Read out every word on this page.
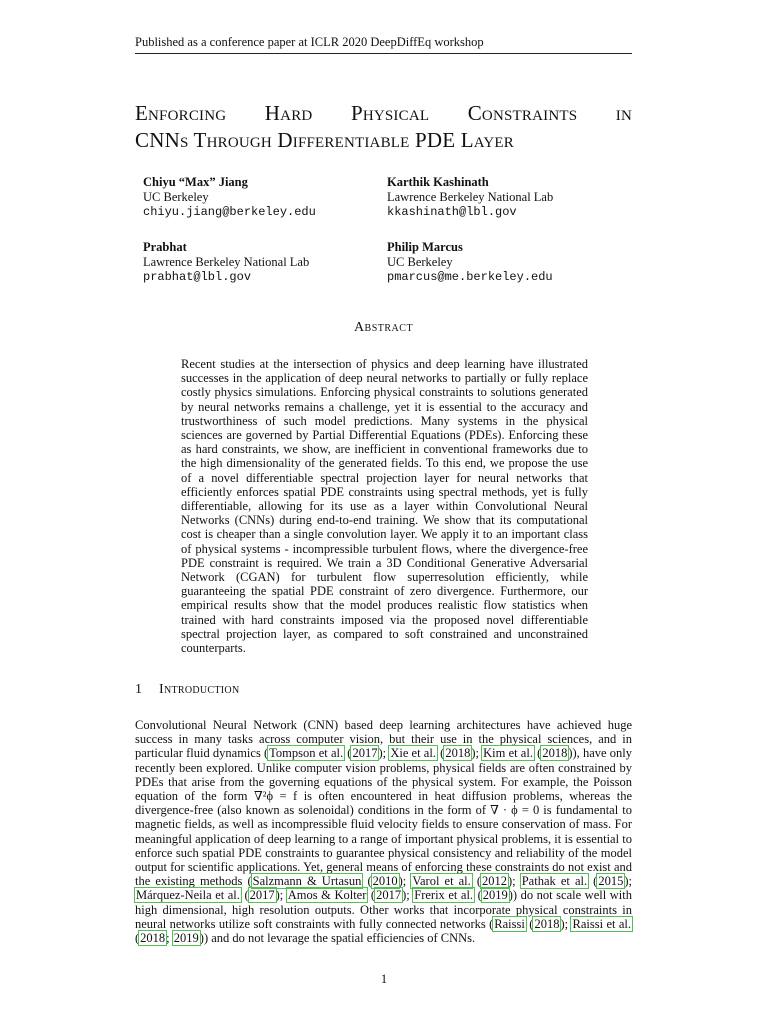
Published as a conference paper at ICLR 2020 DeepDiffEq workshop
Enforcing Hard Physical Constraints in
CNNs Through Differentiable PDE Layer
Chiyu “Max” Jiang
UC Berkeley
chiyu.jiang@berkeley.edu
Karthik Kashinath
Lawrence Berkeley National Lab
kkashinath@lbl.gov
Prabhat
Lawrence Berkeley National Lab
prabhat@lbl.gov
Philip Marcus
UC Berkeley
pmarcus@me.berkeley.edu
Abstract
Recent studies at the intersection of physics and deep learning have illustrated successes in the application of deep neural networks to partially or fully replace costly physics simulations. Enforcing physical constraints to solutions generated by neural networks remains a challenge, yet it is essential to the accuracy and trustworthiness of such model predictions. Many systems in the physical sciences are governed by Partial Differential Equations (PDEs). Enforcing these as hard constraints, we show, are inefficient in conventional frameworks due to the high dimensionality of the generated fields. To this end, we propose the use of a novel differentiable spectral projection layer for neural networks that efficiently enforces spatial PDE constraints using spectral methods, yet is fully differentiable, allowing for its use as a layer within Convolutional Neural Networks (CNNs) during end-to-end training. We show that its computational cost is cheaper than a single convolution layer. We apply it to an important class of physical systems - incompressible turbulent flows, where the divergence-free PDE constraint is required. We train a 3D Conditional Generative Adversarial Network (CGAN) for turbulent flow superresolution efficiently, while guaranteeing the spatial PDE constraint of zero divergence. Furthermore, our empirical results show that the model produces realistic flow statistics when trained with hard constraints imposed via the proposed novel differentiable spectral projection layer, as compared to soft constrained and unconstrained counterparts.
1 Introduction
Convolutional Neural Network (CNN) based deep learning architectures have achieved huge success in many tasks across computer vision, but their use in the physical sciences, and in particular fluid dynamics (Tompson et al. (2017); Xie et al. (2018); Kim et al. (2018)), have only recently been explored. Unlike computer vision problems, physical fields are often constrained by PDEs that arise from the governing equations of the physical system. For example, the Poisson equation of the form ∇²ϕ = f is often encountered in heat diffusion problems, whereas the divergence-free (also known as solenoidal) conditions in the form of ∇ · ϕ = 0 is fundamental to magnetic fields, as well as incompressible fluid velocity fields to ensure conservation of mass. For meaningful application of deep learning to a range of important physical problems, it is essential to enforce such spatial PDE constraints to guarantee physical consistency and reliability of the model output for scientific applications. Yet, general means of enforcing these constraints do not exist and the existing methods (Salzmann & Urtasun (2010); Varol et al. (2012); Pathak et al. (2015); Márquez-Neila et al. (2017); Amos & Kolter (2017); Frerix et al. (2019)) do not scale well with high dimensional, high resolution outputs. Other works that incorporate physical constraints in neural networks utilize soft constraints with fully connected networks (Raissi (2018); Raissi et al. (2018; 2019)) and do not levarage the spatial efficiencies of CNNs.
1
